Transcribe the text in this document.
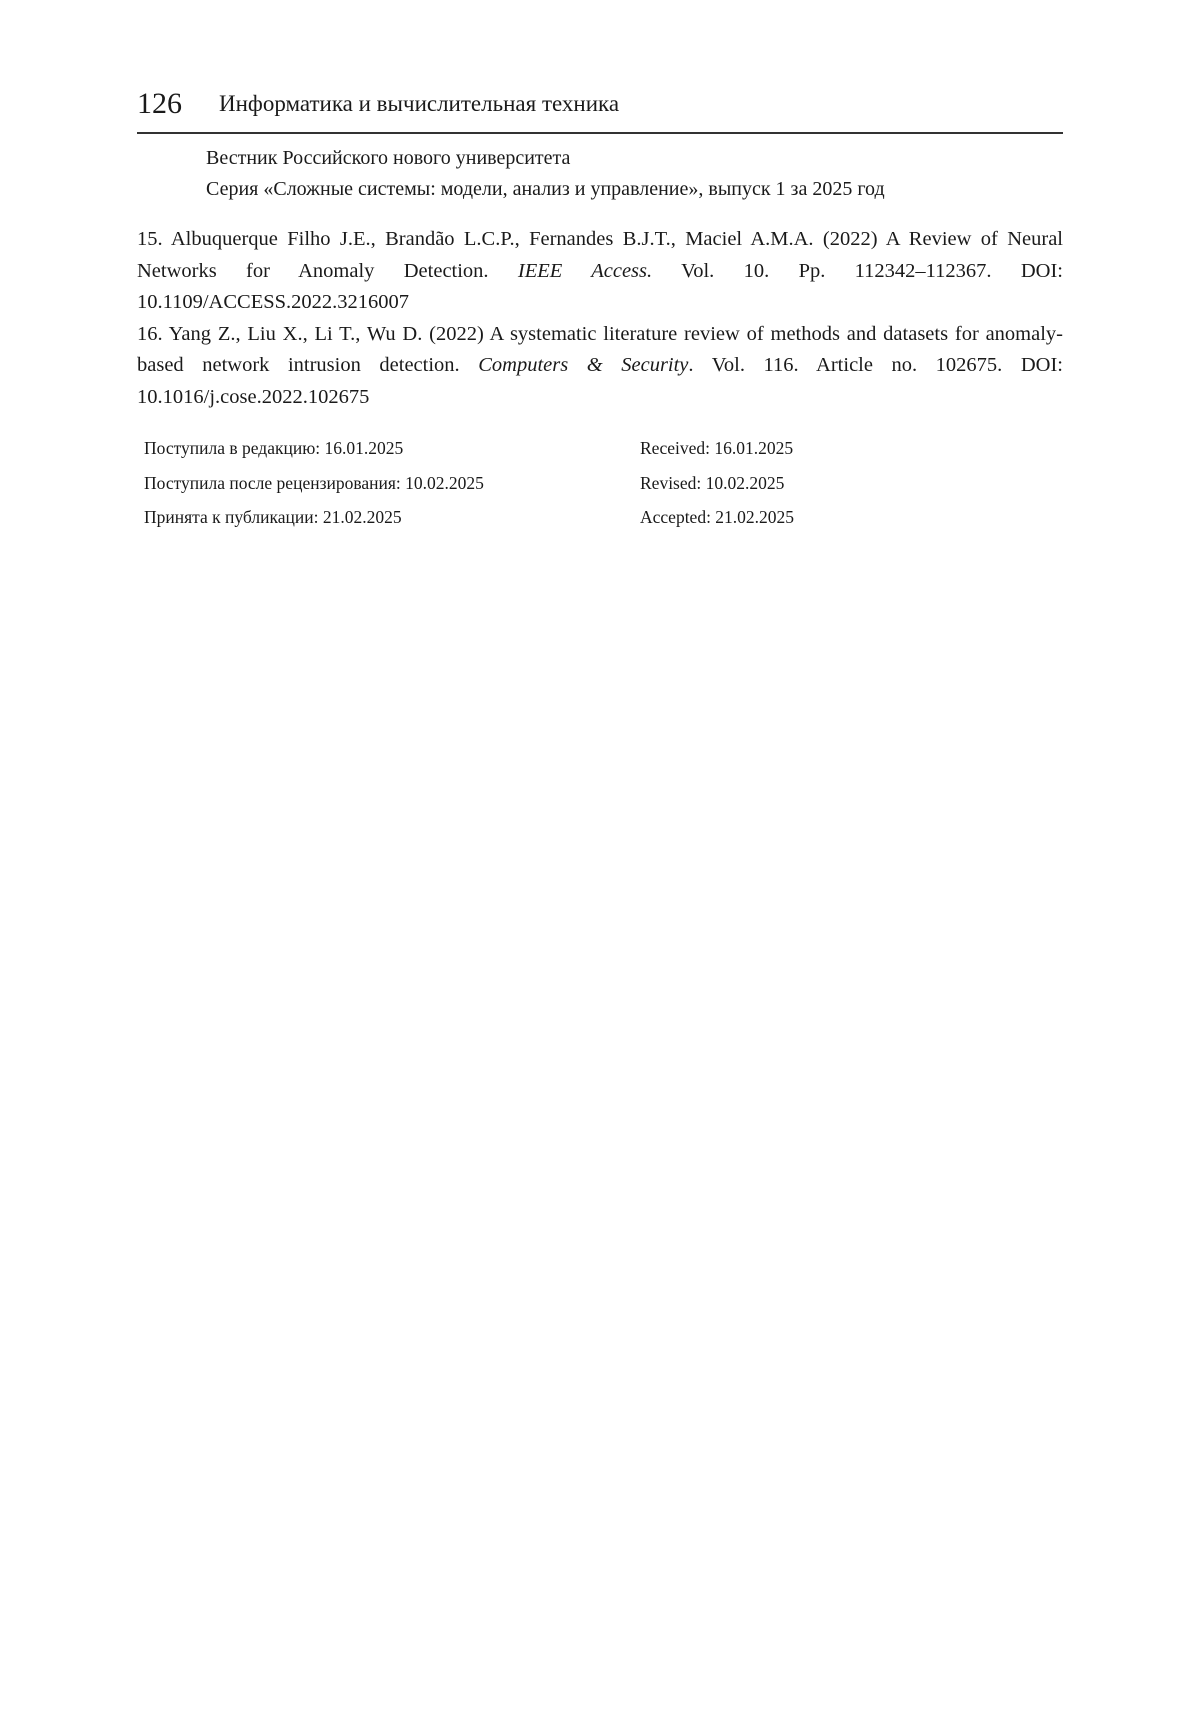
126 Информатика и вычислительная техника
Вестник Российского нового университета
Серия «Сложные системы: модели, анализ и управление», выпуск 1 за 2025 год

15. Albuquerque Filho J.E., Brandão L.C.P., Fernandes B.J.T., Maciel A.M.A. (2022) A Review of Neural Networks for Anomaly Detection. IEEE Access. Vol. 10. Pp. 112342–112367. DOI: 10.1109/ACCESS.2022.3216007

16. Yang Z., Liu X., Li T., Wu D. (2022) A systematic literature review of methods and datasets for anomaly-based network intrusion detection. Computers & Security. Vol. 116. Article no. 102675. DOI: 10.1016/j.cose.2022.102675

Поступила в редакцию: 16.01.2025
Поступила после рецензирования: 10.02.2025
Принята к публикации: 21.02.2025
Received: 16.01.2025
Revised: 10.02.2025
Accepted: 21.02.2025
